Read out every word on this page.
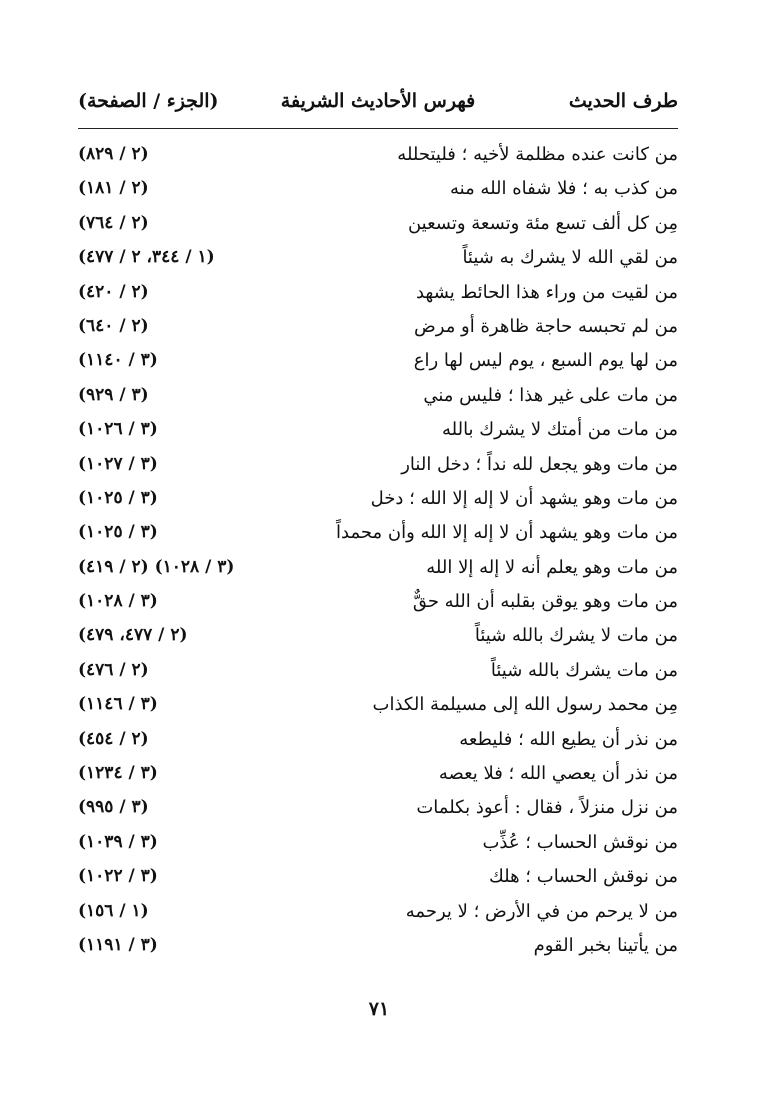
طرف الحديث
فهرس الأحاديث الشريفة
(الجزء / الصفحة)
من كانت عنده مظلمة لأخيه ؛ فليتحلله
(٢ / ٨٢٩)
من كذب به ؛ فلا شفاه الله منه
(٢ / ١٨١)
مِن كل ألف تسع مئة وتسعة وتسعين
(٢ / ٧٦٤)
من لقي الله لا يشرك به شيئاً
(١ / ٣٤٤، ٢ / ٤٧٧)
من لقيت من وراء هذا الحائط يشهد
(٢ / ٤٢٠)
من لم تحبسه حاجة ظاهرة أو مرض
(٢ / ٦٤٠)
من لها يوم السبع ، يوم ليس لها راع
(٣ / ١١٤٠)
من مات على غير هذا ؛ فليس مني
(٣ / ٩٢٩)
من مات من أمتك لا يشرك بالله
(٣ / ١٠٢٦)
من مات وهو يجعل لله نداً ؛ دخل النار
(٣ / ١٠٢٧)
من مات وهو يشهد أن لا إله إلا الله ؛ دخل
(٣ / ١٠٢٥)
من مات وهو يشهد أن لا إله إلا الله وأن محمداً
(٣ / ١٠٢٥)
من مات وهو يعلم أنه لا إله إلا الله
(٢ / ٤١٩) (٣ / ١٠٢٨)
من مات وهو يوقن بقلبه أن الله حقٌّ
(٣ / ١٠٢٨)
من مات لا يشرك بالله شيئاً
(٢ / ٤٧٧، ٤٧٩)
من مات يشرك بالله شيئاً
(٢ / ٤٧٦)
مِن محمد رسول الله إلى مسيلمة الكذاب
(٣ / ١١٤٦)
من نذر أن يطيع الله ؛ فليطعه
(٢ / ٤٥٤)
من نذر أن يعصي الله ؛ فلا يعصه
(٣ / ١٢٣٤)
من نزل منزلاً ، فقال : أعوذ بكلمات
(٣ / ٩٩٥)
من نوقش الحساب ؛ عُذِّب
(٣ / ١٠٣٩)
من نوقش الحساب ؛ هلك
(٣ / ١٠٢٢)
من لا يرحم من في الأرض ؛ لا يرحمه
(١ / ١٥٦)
من يأتينا بخبر القوم
(٣ / ١١٩١)
٧١
